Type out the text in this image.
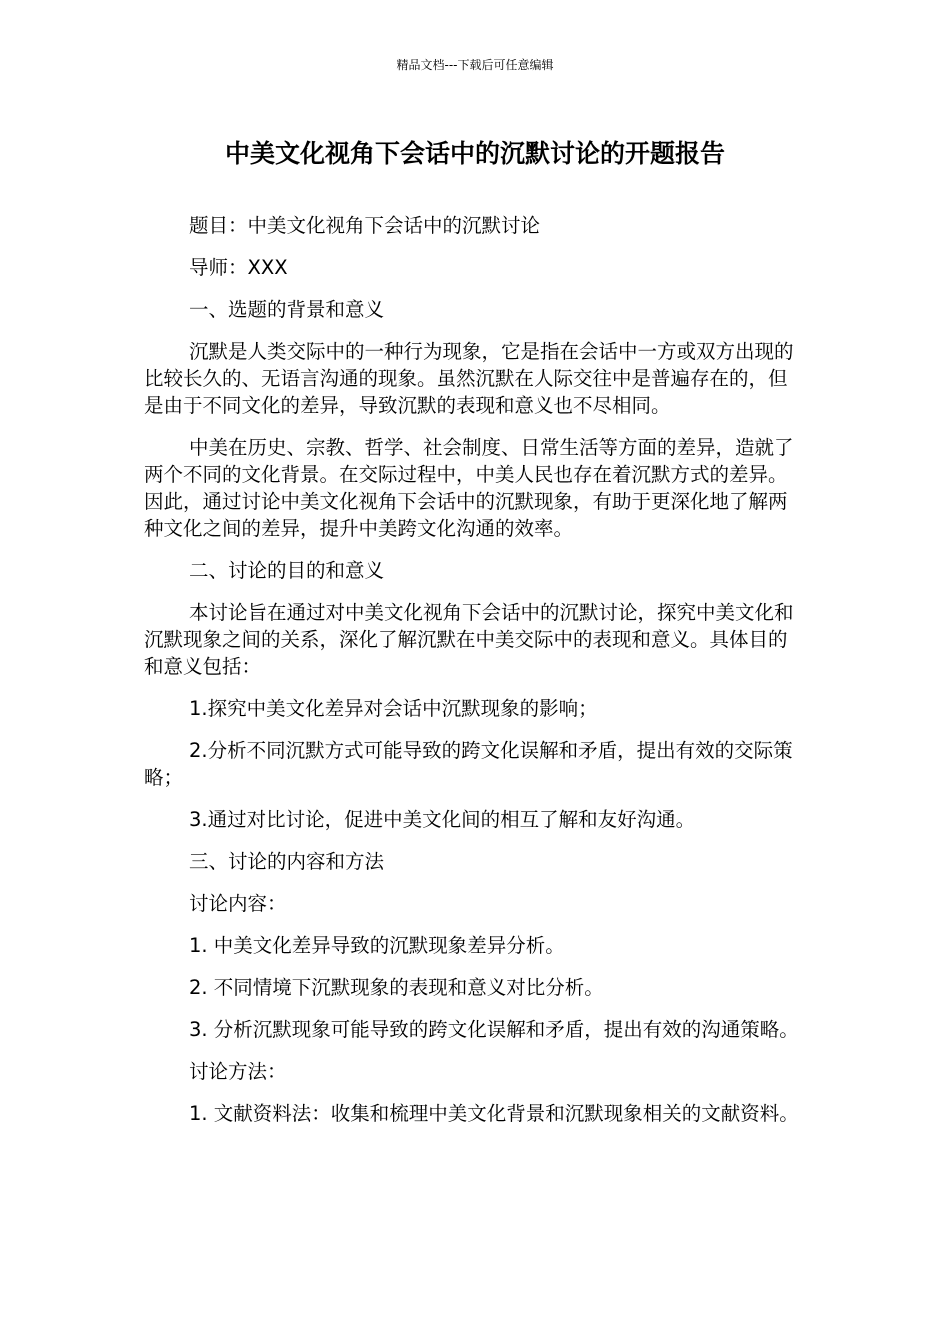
精品文档---下载后可任意编辑
中美文化视角下会话中的沉默讨论的开题报告

题目：中美文化视角下会话中的沉默讨论

导师：XXX

一、选题的背景和意义

沉默是人类交际中的一种行为现象，它是指在会话中一方或双方出现的比较长久的、无语言沟通的现象。虽然沉默在人际交往中是普遍存在的，但是由于不同文化的差异，导致沉默的表现和意义也不尽相同。

中美在历史、宗教、哲学、社会制度、日常生活等方面的差异，造就了两个不同的文化背景。在交际过程中，中美人民也存在着沉默方式的差异。因此，通过讨论中美文化视角下会话中的沉默现象，有助于更深化地了解两种文化之间的差异，提升中美跨文化沟通的效率。

二、讨论的目的和意义

本讨论旨在通过对中美文化视角下会话中的沉默讨论，探究中美文化和沉默现象之间的关系，深化了解沉默在中美交际中的表现和意义。具体目的和意义包括：

1.探究中美文化差异对会话中沉默现象的影响；

2.分析不同沉默方式可能导致的跨文化误解和矛盾，提出有效的交际策略；

3.通过对比讨论，促进中美文化间的相互了解和友好沟通。

三、讨论的内容和方法

讨论内容：

1. 中美文化差异导致的沉默现象差异分析。

2. 不同情境下沉默现象的表现和意义对比分析。

3. 分析沉默现象可能导致的跨文化误解和矛盾，提出有效的沟通策略。

讨论方法：

1. 文献资料法：收集和梳理中美文化背景和沉默现象相关的文献资料。
